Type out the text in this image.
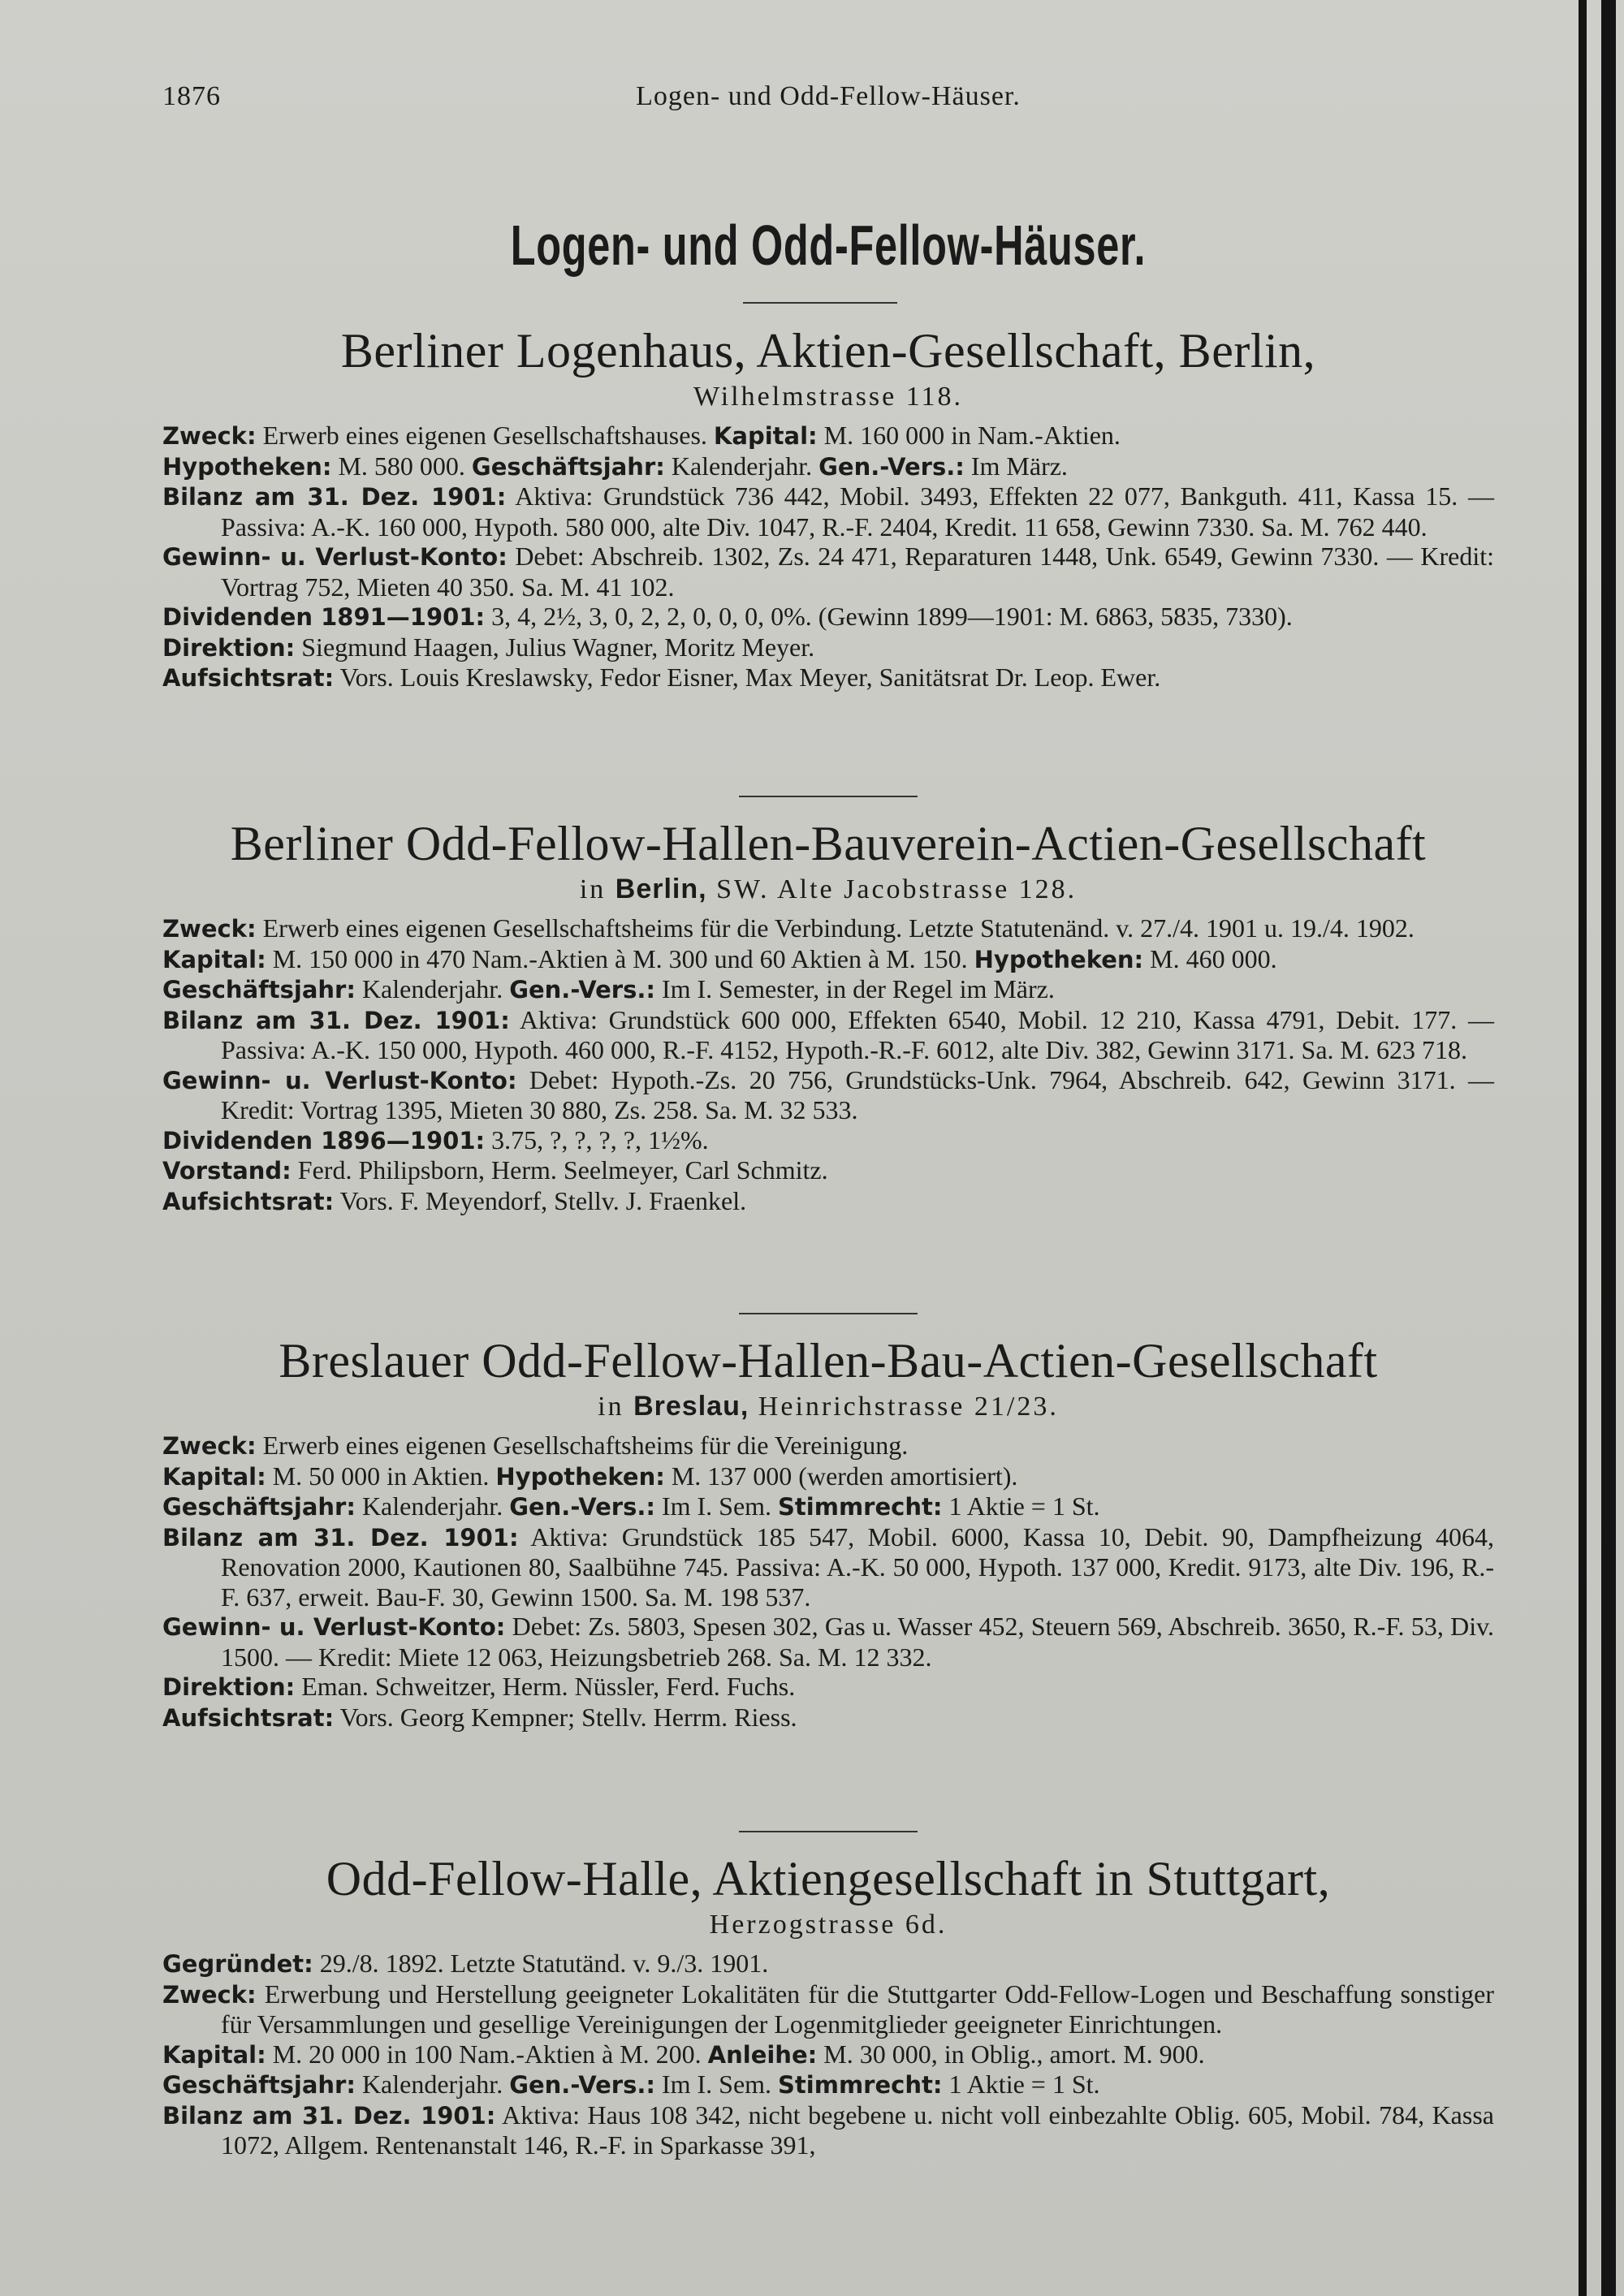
1876	Logen- und Odd-Fellow-Häuser.
Logen- und Odd-Fellow-Häuser.
Berliner Logenhaus, Aktien-Gesellschaft, Berlin,
Wilhelmstrasse 118.
Zweck: Erwerb eines eigenen Gesellschaftshauses. Kapital: M. 160 000 in Nam.-Aktien.
Hypotheken: M. 580 000. Geschäftsjahr: Kalenderjahr. Gen.-Vers.: Im März.
Bilanz am 31. Dez. 1901: Aktiva: Grundstück 736 442, Mobil. 3493, Effekten 22 077, Bankguth. 411, Kassa 15. — Passiva: A.-K. 160 000, Hypoth. 580 000, alte Div. 1047, R.-F. 2404, Kredit. 11 658, Gewinn 7330. Sa. M. 762 440.
Gewinn- u. Verlust-Konto: Debet: Abschreib. 1302, Zs. 24 471, Reparaturen 1448, Unk. 6549, Gewinn 7330. — Kredit: Vortrag 752, Mieten 40 350. Sa. M. 41 102.
Dividenden 1891—1901: 3, 4, 2½, 3, 0, 2, 2, 0, 0, 0, 0%. (Gewinn 1899—1901: M. 6863, 5835, 7330).
Direktion: Siegmund Haagen, Julius Wagner, Moritz Meyer.
Aufsichtsrat: Vors. Louis Kreslawsky, Fedor Eisner, Max Meyer, Sanitätsrat Dr. Leop. Ewer.
Berliner Odd-Fellow-Hallen-Bauverein-Actien-Gesellschaft
in Berlin, SW. Alte Jacobstrasse 128.
Zweck: Erwerb eines eigenen Gesellschaftsheims für die Verbindung. Letzte Statutenänd. v. 27./4. 1901 u. 19./4. 1902.
Kapital: M. 150 000 in 470 Nam.-Aktien à M. 300 und 60 Aktien à M. 150. Hypotheken: M. 460 000.
Geschäftsjahr: Kalenderjahr. Gen.-Vers.: Im I. Semester, in der Regel im März.
Bilanz am 31. Dez. 1901: Aktiva: Grundstück 600 000, Effekten 6540, Mobil. 12 210, Kassa 4791, Debit. 177. — Passiva: A.-K. 150 000, Hypoth. 460 000, R.-F. 4152, Hypoth.-R.-F. 6012, alte Div. 382, Gewinn 3171. Sa. M. 623 718.
Gewinn- u. Verlust-Konto: Debet: Hypoth.-Zs. 20 756, Grundstücks-Unk. 7964, Abschreib. 642, Gewinn 3171. — Kredit: Vortrag 1395, Mieten 30 880, Zs. 258. Sa. M. 32 533.
Dividenden 1896—1901: 3.75, ?, ?, ?, ?, 1½%.
Vorstand: Ferd. Philipsborn, Herm. Seelmeyer, Carl Schmitz.
Aufsichtsrat: Vors. F. Meyendorf, Stellv. J. Fraenkel.
Breslauer Odd-Fellow-Hallen-Bau-Actien-Gesellschaft
in Breslau, Heinrichstrasse 21/23.
Zweck: Erwerb eines eigenen Gesellschaftsheims für die Vereinigung.
Kapital: M. 50 000 in Aktien. Hypotheken: M. 137 000 (werden amortisiert).
Geschäftsjahr: Kalenderjahr. Gen.-Vers.: Im I. Sem. Stimmrecht: 1 Aktie = 1 St.
Bilanz am 31. Dez. 1901: Aktiva: Grundstück 185 547, Mobil. 6000, Kassa 10, Debit. 90, Dampfheizung 4064, Renovation 2000, Kautionen 80, Saalbühne 745. Passiva: A.-K. 50 000, Hypoth. 137 000, Kredit. 9173, alte Div. 196, R.-F. 637, erweit. Bau-F. 30, Gewinn 1500. Sa. M. 198 537.
Gewinn- u. Verlust-Konto: Debet: Zs. 5803, Spesen 302, Gas u. Wasser 452, Steuern 569, Abschreib. 3650, R.-F. 53, Div. 1500. — Kredit: Miete 12 063, Heizungsbetrieb 268. Sa. M. 12 332.
Direktion: Eman. Schweitzer, Herm. Nüssler, Ferd. Fuchs.
Aufsichtsrat: Vors. Georg Kempner; Stellv. Herrm. Riess.
Odd-Fellow-Halle, Aktiengesellschaft in Stuttgart,
Herzogstrasse 6d.
Gegründet: 29./8. 1892. Letzte Statutänd. v. 9./3. 1901.
Zweck: Erwerbung und Herstellung geeigneter Lokalitäten für die Stuttgarter Odd-Fellow-Logen und Beschaffung sonstiger für Versammlungen und gesellige Vereinigungen der Logenmitglieder geeigneter Einrichtungen.
Kapital: M. 20 000 in 100 Nam.-Aktien à M. 200. Anleihe: M. 30 000, in Oblig., amort. M. 900.
Geschäftsjahr: Kalenderjahr. Gen.-Vers.: Im I. Sem. Stimmrecht: 1 Aktie = 1 St.
Bilanz am 31. Dez. 1901: Aktiva: Haus 108 342, nicht begebene u. nicht voll einbezahlte Oblig. 605, Mobil. 784, Kassa 1072, Allgem. Rentenanstalt 146, R.-F. in Sparkasse 391,
